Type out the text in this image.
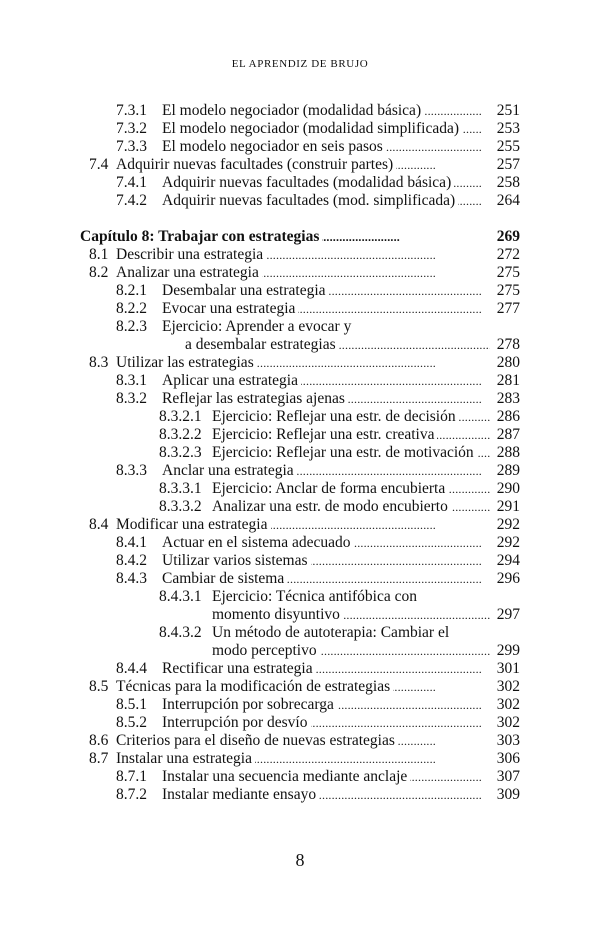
EL APRENDIZ DE BRUJO
7.3.1 El modelo negociador (modalidad básica) . . .	251
7.3.2 El modelo negociador (modalidad simplificada) . . .	253
7.3.3 El modelo negociador en seis pasos . . .	255
7.4 Adquirir nuevas facultades (construir partes) . . .	257
7.4.1 Adquirir nuevas facultades (modalidad básica) . . .	258
7.4.2 Adquirir nuevas facultades (mod. simplificada) . . .	264
Capítulo 8: Trabajar con estrategias . . .	269
8.1 Describir una estrategia . . .	272
8.2 Analizar una estrategia . . .	275
8.2.1 Desembalar una estrategia . . .	275
8.2.2 Evocar una estrategia . . .	277
8.2.3 Ejercicio: Aprender a evocar y
a desembalar estrategias . . .	278
8.3 Utilizar las estrategias . . .	280
8.3.1 Aplicar una estrategia . . .	281
8.3.2 Reflejar las estrategias ajenas . . .	283
8.3.2.1 Ejercicio: Reflejar una estr. de decisión . . .	286
8.3.2.2 Ejercicio: Reflejar una estr. creativa . . .	287
8.3.2.3 Ejercicio: Reflejar una estr. de motivación . . .	288
8.3.3 Anclar una estrategia . . .	289
8.3.3.1 Ejercicio: Anclar de forma encubierta . . .	290
8.3.3.2 Analizar una estr. de modo encubierto . . .	291
8.4 Modificar una estrategia . . .	292
8.4.1 Actuar en el sistema adecuado . . .	292
8.4.2 Utilizar varios sistemas . . .	294
8.4.3 Cambiar de sistema . . .	296
8.4.3.1 Ejercicio: Técnica antifóbica con
momento disyuntivo . . .	297
8.4.3.2 Un método de autoterapia: Cambiar el
modo perceptivo . . .	299
8.4.4 Rectificar una estrategia . . .	301
8.5 Técnicas para la modificación de estrategias . . .	302
8.5.1 Interrupción por sobrecarga . . .	302
8.5.2 Interrupción por desvío . . .	302
8.6 Criterios para el diseño de nuevas estrategias . . .	303
8.7 Instalar una estrategia . . .	306
8.7.1 Instalar una secuencia mediante anclaje . . .	307
8.7.2 Instalar mediante ensayo . . .	309
8
